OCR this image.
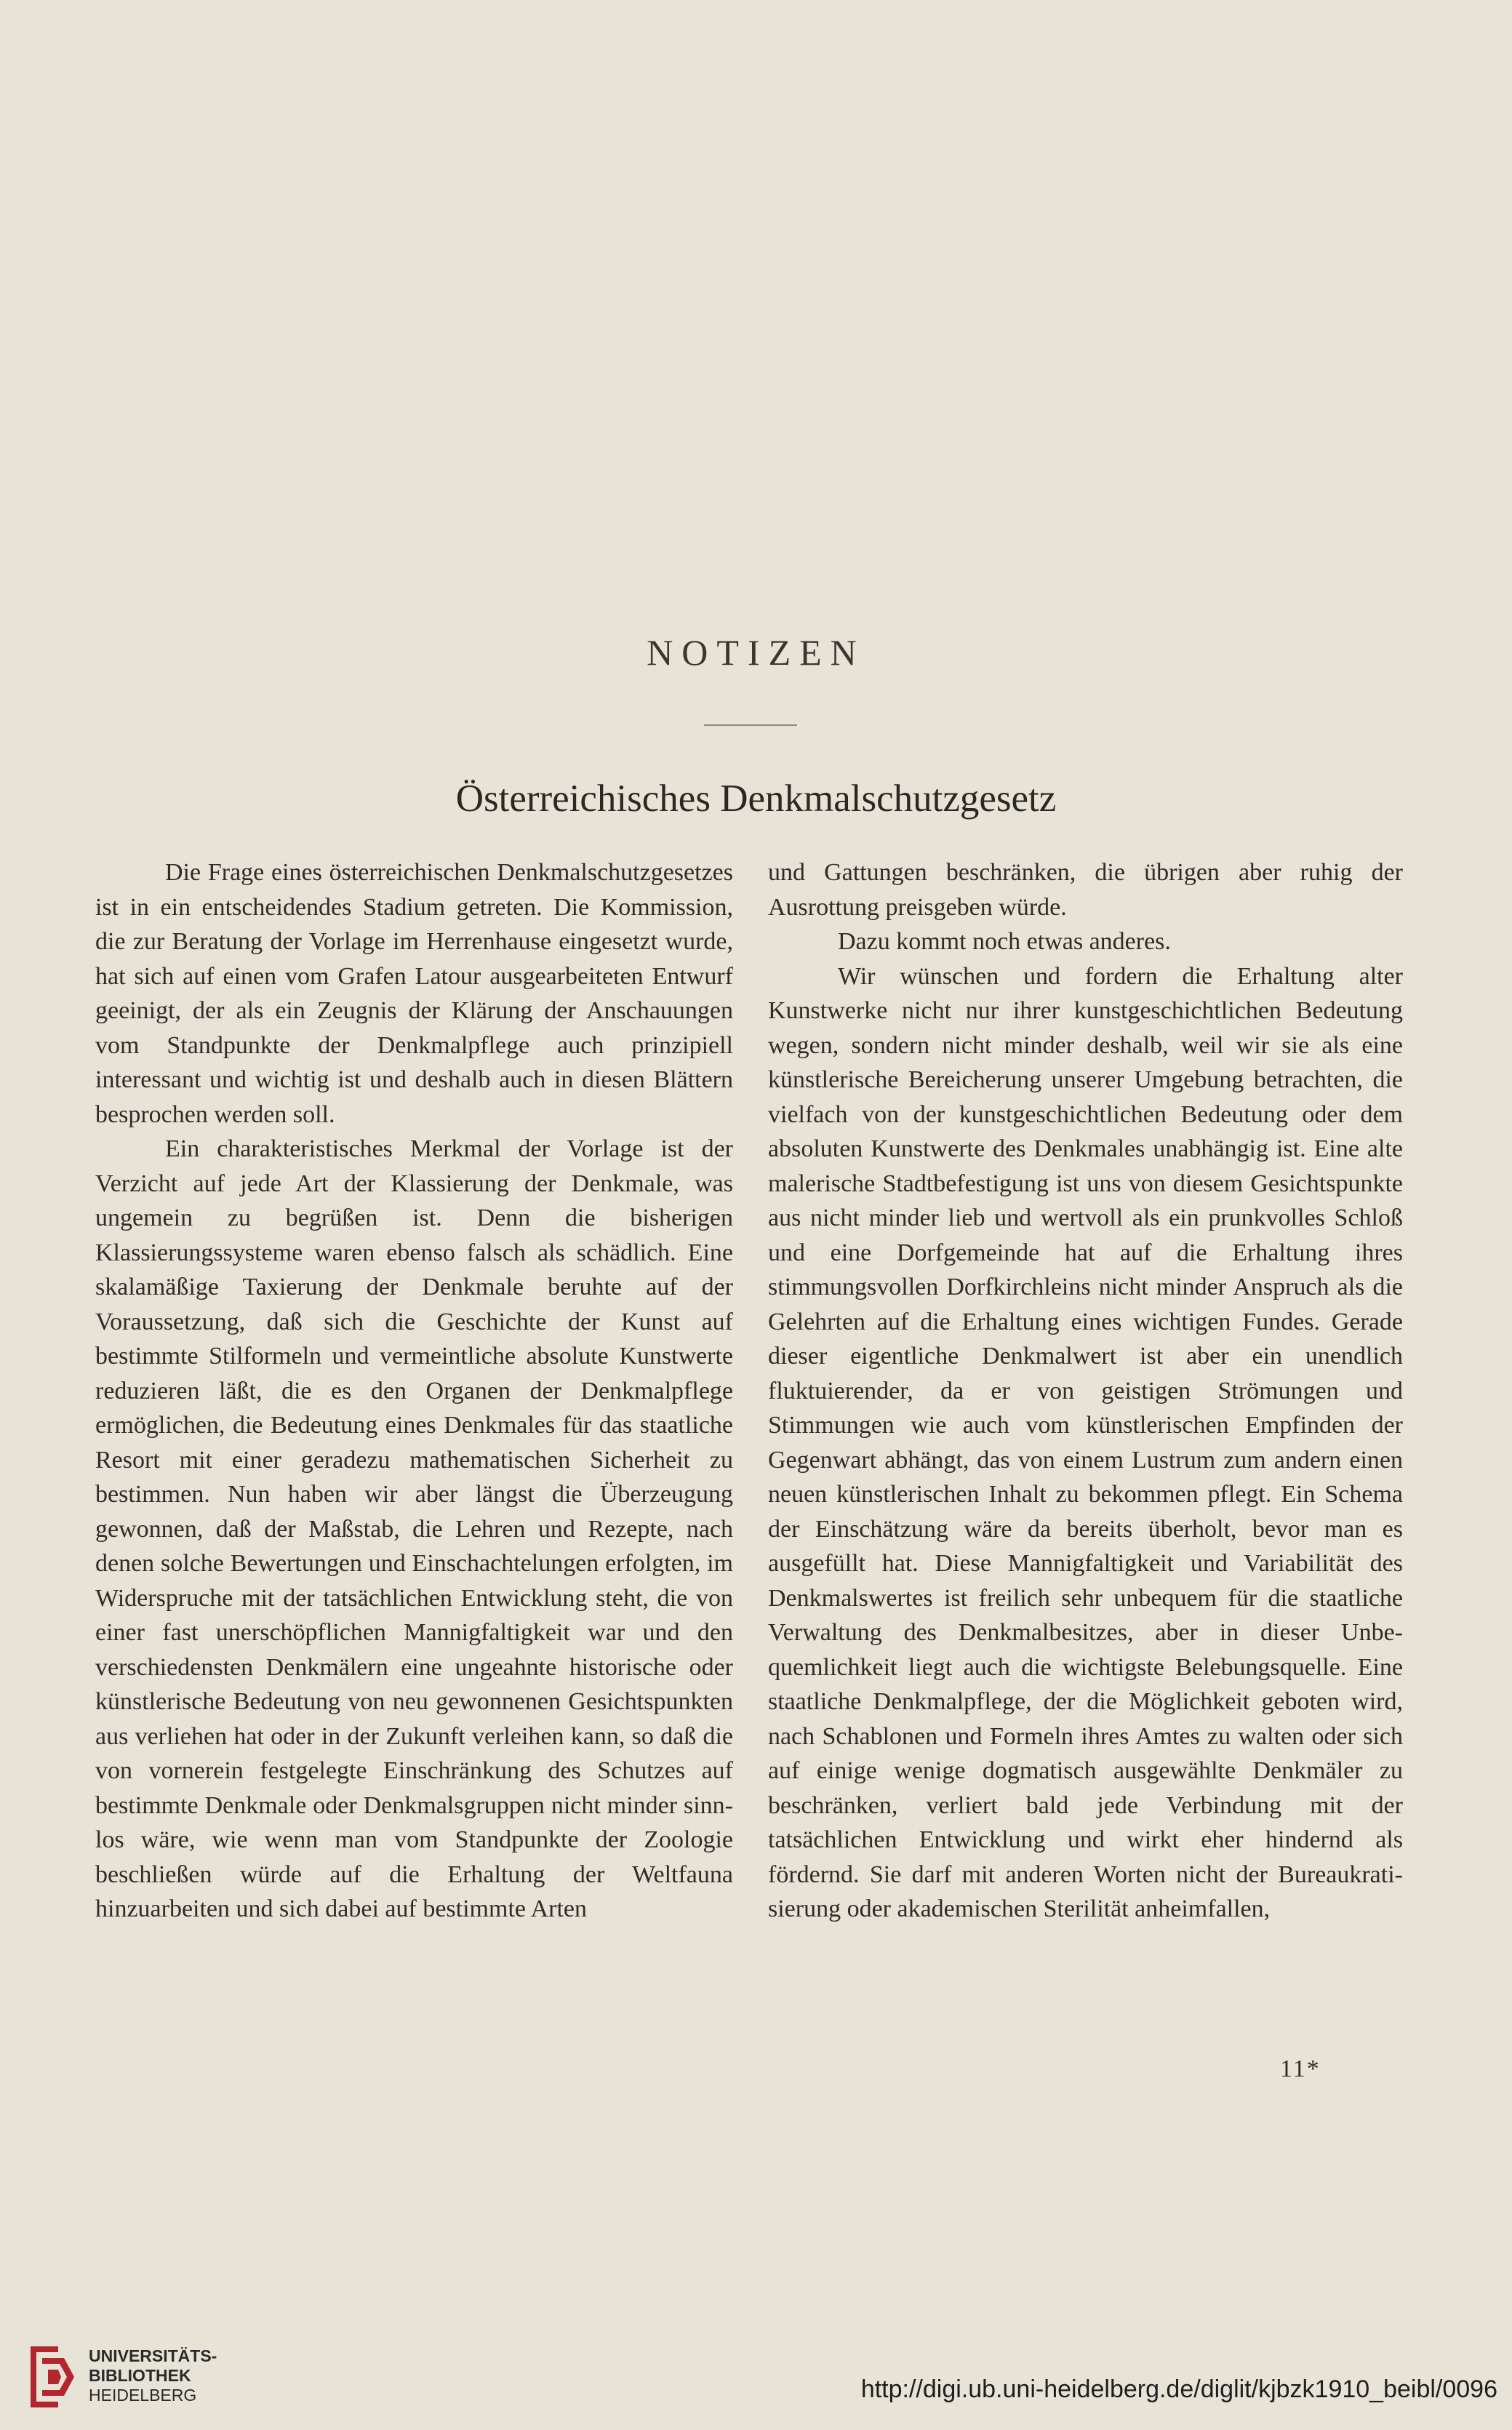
NOTIZEN
Österreichisches Denkmalschutzgesetz

Die Frage eines österreichischen Denkmalschutzgesetzes ist in ein entscheidendes Stadium getreten. Die Kommission, die zur Beratung der Vorlage im Herrenhause eingesetzt wurde, hat sich auf einen vom Grafen Latour ausgearbeiteten Entwurf geeinigt, der als ein Zeugnis der Klärung der Anschauungen vom Standpunkte der Denkmalpflege auch prinzipiell interessant und wichtig ist und deshalb auch in diesen Blättern besprochen werden soll.

Ein charakteristisches Merkmal der Vorlage ist der Verzicht auf jede Art der Klassierung der Denkmale, was ungemein zu begrüßen ist. Denn die bisherigen Klassierungssysteme waren ebenso falsch als schädlich. Eine skalamäßige Taxierung der Denkmale beruhte auf der Voraussetzung, daß sich die Geschichte der Kunst auf bestimmte Stilformeln und vermeintliche absolute Kunstwerte reduzieren läßt, die es den Organen der Denkmalpflege ermöglichen, die Bedeutung eines Denkmales für das staatliche Resort mit einer geradezu mathematischen Sicherheit zu bestimmen. Nun haben wir aber längst die Überzeugung gewonnen, daß der Maßstab, die Lehren und Rezepte, nach denen solche Bewertungen und Einschachtelungen erfolgten, im Widerspruche mit der tatsächlichen Entwicklung steht, die von einer fast unerschöpflichen Mannigfaltigkeit war und den verschiedensten Denkmälern eine ungeahnte historische oder künstlerische Bedeutung von neu gewonnenen Gesichtspunkten aus verliehen hat oder in der Zukunft verleihen kann, so daß die von vornerein festgelegte Einschränkung des Schutzes auf bestimmte Denkmale oder Denkmalsgruppen nicht minder sinnlos wäre, wie wenn man vom Standpunkte der Zoologie beschließen würde auf die Erhaltung der Weltfauna hinzuarbeiten und sich dabei auf bestimmte Arten

und Gattungen beschränken, die übrigen aber ruhig der Ausrottung preisgeben würde.

Dazu kommt noch etwas anderes.

Wir wünschen und fordern die Erhaltung alter Kunstwerke nicht nur ihrer kunstgeschichtlichen Bedeutung wegen, sondern nicht minder deshalb, weil wir sie als eine künstlerische Bereicherung unserer Umgebung betrachten, die vielfach von der kunstgeschichtlichen Bedeutung oder dem absoluten Kunstwerte des Denkmales unabhängig ist. Eine alte malerische Stadtbefestigung ist uns von diesem Gesichtspunkte aus nicht minder lieb und wertvoll als ein prunkvolles Schloß und eine Dorfgemeinde hat auf die Erhaltung ihres stimmungsvollen Dorfkirchleins nicht minder Anspruch als die Gelehrten auf die Erhaltung eines wichtigen Fundes. Gerade dieser eigentliche Denkmalwert ist aber ein unendlich fluktuierender, da er von geistigen Strömungen und Stimmungen wie auch vom künstlerischen Empfinden der Gegenwart abhängt, das von einem Lustrum zum andern einen neuen künstlerischen Inhalt zu bekommen pflegt. Ein Schema der Einschätzung wäre da bereits überholt, bevor man es ausgefüllt hat. Diese Mannigfaltigkeit und Variabilität des Denkmalswertes ist freilich sehr unbequem für die staatliche Verwaltung des Denkmalbesitzes, aber in dieser Unbequemlichkeit liegt auch die wichtigste Belebungsquelle. Eine staatliche Denkmalpflege, der die Möglichkeit geboten wird, nach Schablonen und Formeln ihres Amtes zu walten oder sich auf einige wenige dogmatisch ausgewählte Denkmäler zu beschränken, verliert bald jede Verbindung mit der tatsächlichen Entwicklung und wirkt eher hindernd als fördernd. Sie darf mit anderen Worten nicht der Bureaukratisierung oder akademischen Sterilität anheimfallen,

11*
UNIVERSITÄTS-
BIBLIOTHEK
HEIDELBERG	http://digi.ub.uni-heidelberg.de/diglit/kjbzk1910_beibl/0096
